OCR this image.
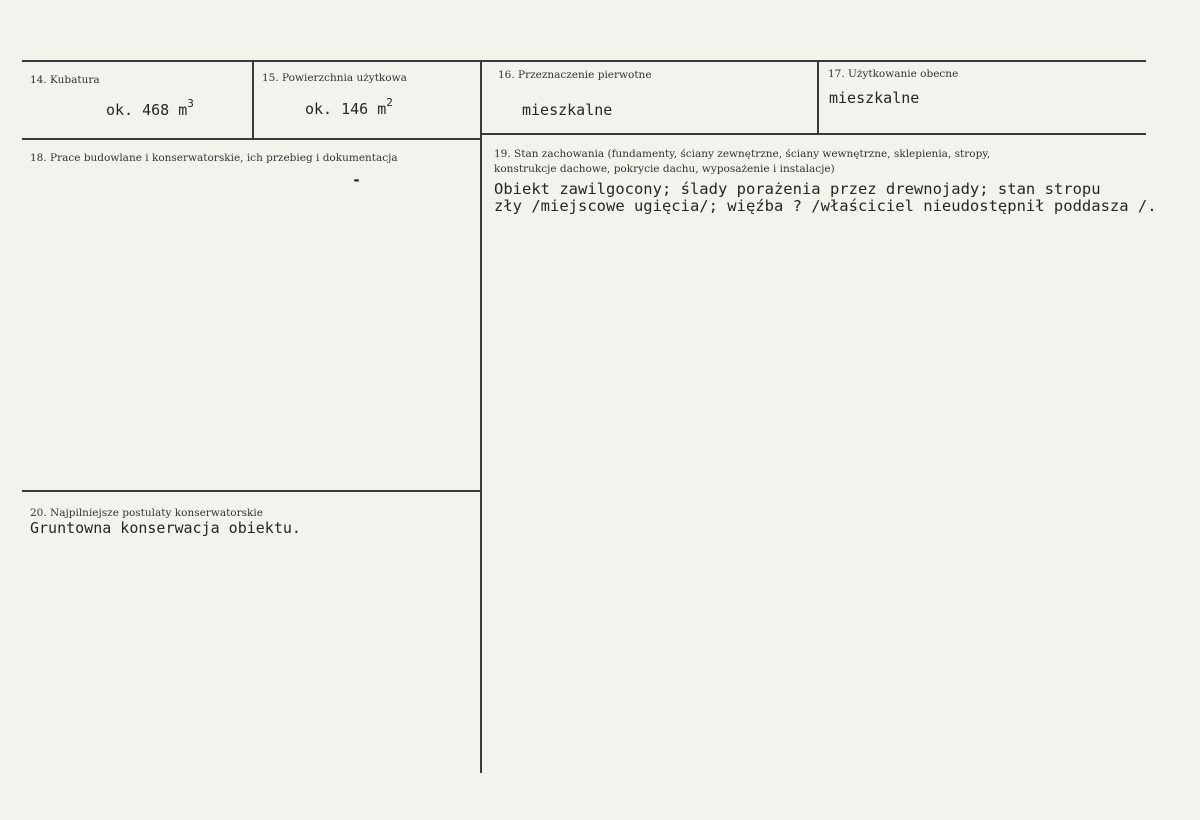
14. Kubatura
ok. 468 $m^3$
15. Powierzchnia użytkowa
ok. 146 $m^2$
16. Przeznaczenie pierwotne
mieszkalne
17. Użytkowanie obecne
mieszkalne
18. Prace budowlane i konserwatorskie, ich przebieg i dokumentacja
-
19. Stan zachowania (fundamenty, ściany zewnętrzne, ściany wewnętrzne, sklepienia, stropy,
konstrukcje dachowe, pokrycie dachu, wyposażenie i instalacje)
Obiekt zawilgocony; ślady porażenia przez drewnojady; stan stropu
zły /miejscowe ugięcia/; więźba ? /właściciel nieudostępnił poddasza /.
20. Najpilniejsze postulaty konserwatorskie
Gruntowna konserwacja obiektu.
